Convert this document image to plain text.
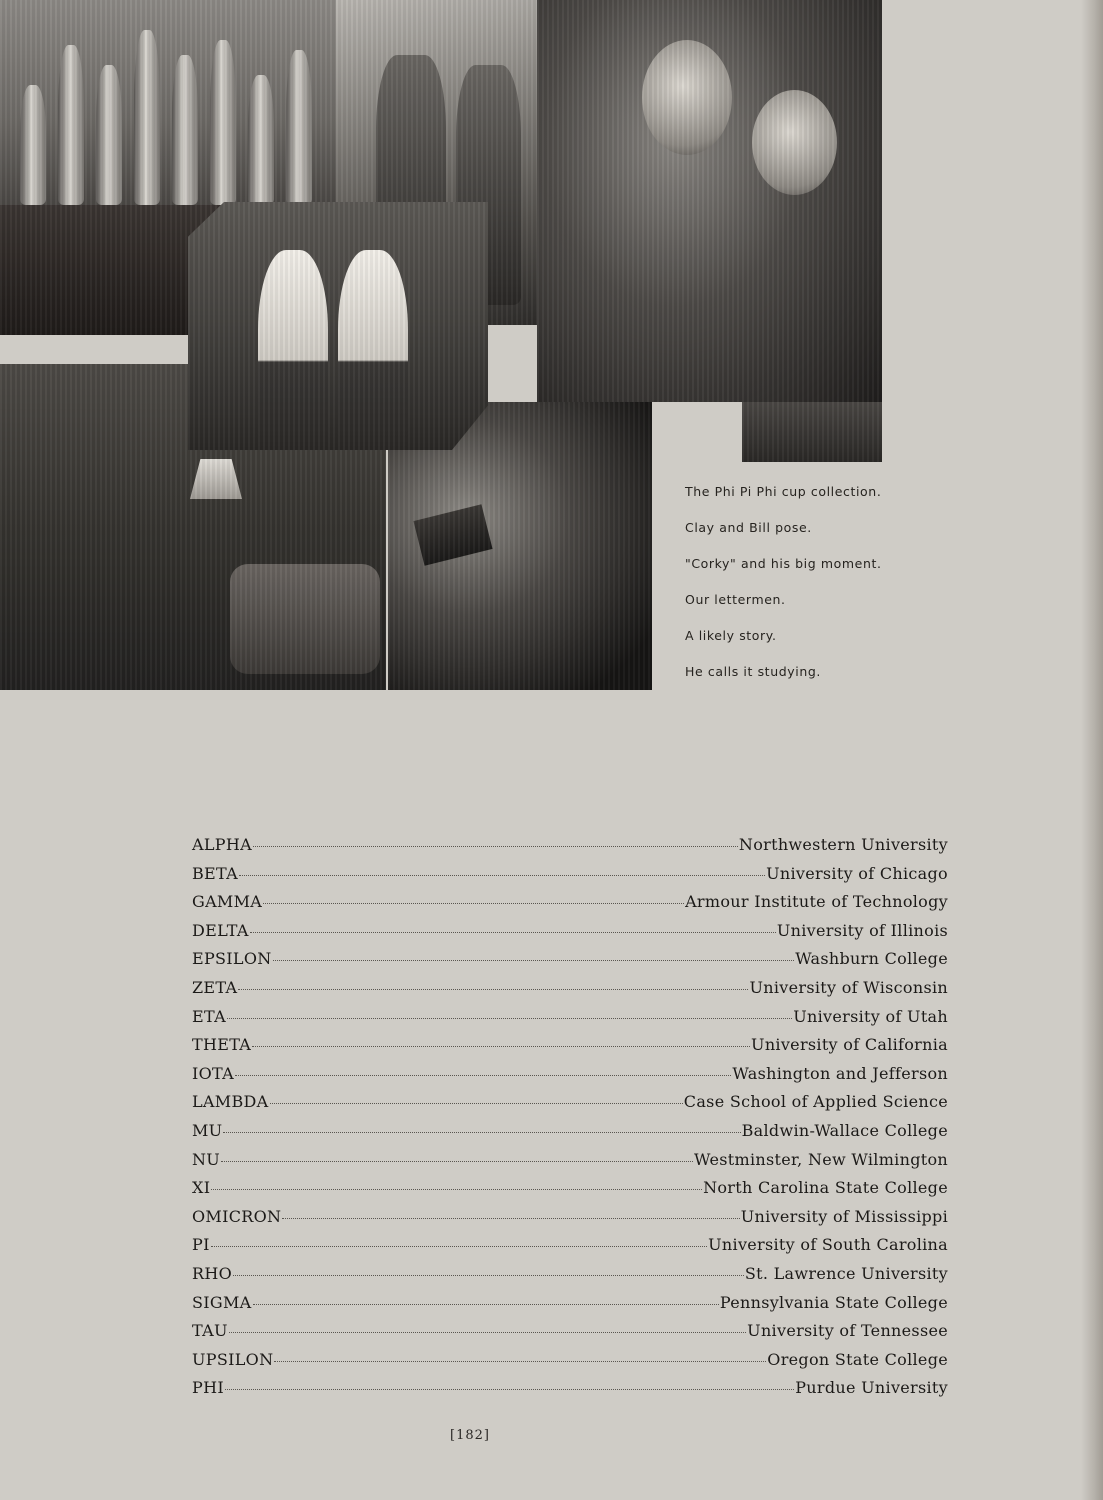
The Phi Pi Phi cup collection.
Clay and Bill pose.
"Corky" and his big moment.
Our lettermen.
A likely story.
He calls it studying.
ALPHA	Northwestern University
BETA	University of Chicago
GAMMA	Armour Institute of Technology
DELTA	University of Illinois
EPSILON	Washburn College
ZETA	University of Wisconsin
ETA	University of Utah
THETA	University of California
IOTA	Washington and Jefferson
LAMBDA	Case School of Applied Science
MU	Baldwin-Wallace College
NU	Westminster, New Wilmington
XI	North Carolina State College
OMICRON	University of Mississippi
PI	University of South Carolina
RHO	St. Lawrence University
SIGMA	Pennsylvania State College
TAU	University of Tennessee
UPSILON	Oregon State College
PHI	Purdue University
[182]
